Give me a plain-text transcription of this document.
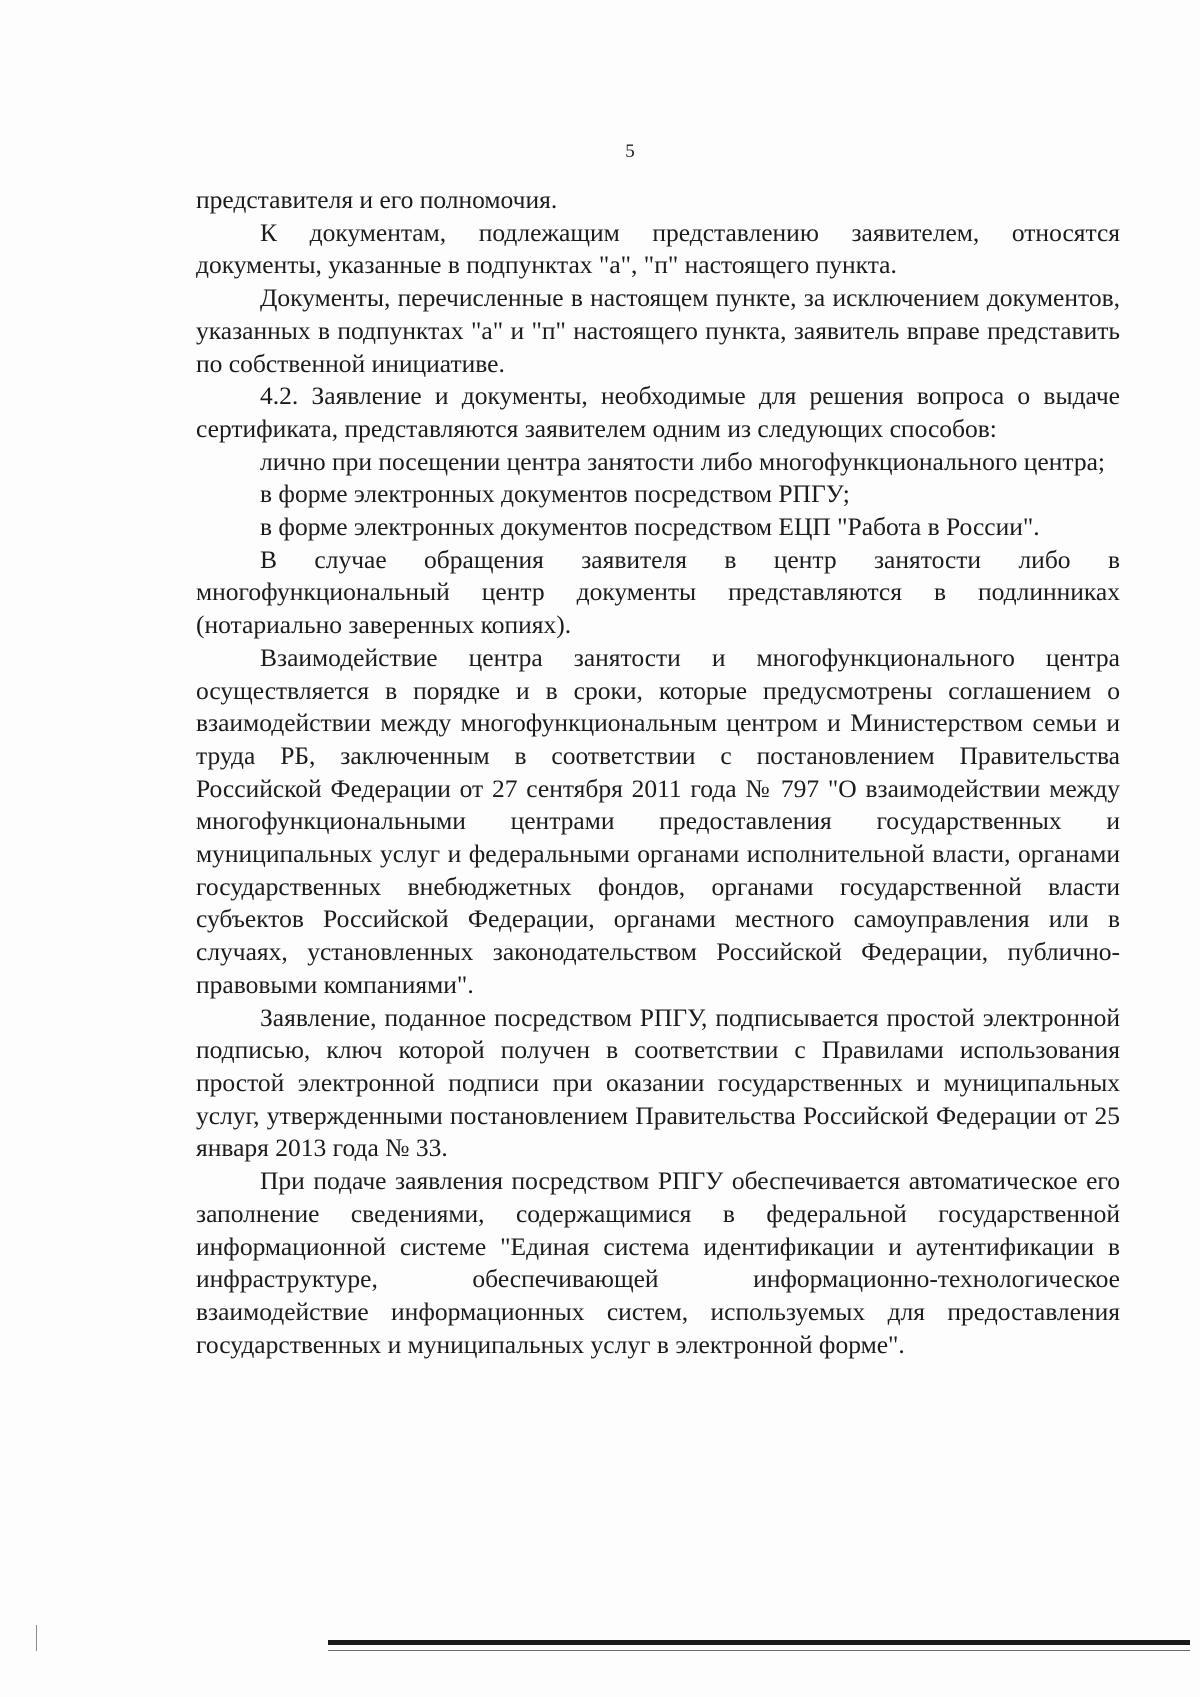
5

представителя и его полномочия.

К документам, подлежащим представлению заявителем, относятся документы, указанные в подпунктах "а", "п" настоящего пункта.

Документы, перечисленные в настоящем пункте, за исключением документов, указанных в подпунктах "а" и "п" настоящего пункта, заявитель вправе представить по собственной инициативе.

4.2. Заявление и документы, необходимые для решения вопроса о выдаче сертификата, представляются заявителем одним из следующих способов:

лично при посещении центра занятости либо многофункционального центра;

в форме электронных документов посредством РПГУ;

в форме электронных документов посредством ЕЦП "Работа в России".

В случае обращения заявителя в центр занятости либо в многофункциональный центр документы представляются в подлинниках (нотариально заверенных копиях).

Взаимодействие центра занятости и многофункционального центра осуществляется в порядке и в сроки, которые предусмотрены соглашением о взаимодействии между многофункциональным центром и Министерством семьи и труда РБ, заключенным в соответствии с постановлением Правительства Российской Федерации от 27 сентября 2011 года № 797 "О взаимодействии между многофункциональными центрами предоставления государственных и муниципальных услуг и федеральными органами исполнительной власти, органами государственных внебюджетных фондов, органами государственной власти субъектов Российской Федерации, органами местного самоуправления или в случаях, установленных законодательством Российской Федерации, публично-правовыми компаниями".

Заявление, поданное посредством РПГУ, подписывается простой электронной подписью, ключ которой получен в соответствии с Правилами использования простой электронной подписи при оказании государственных и муниципальных услуг, утвержденными постановлением Правительства Российской Федерации от 25 января 2013 года № 33.

При подаче заявления посредством РПГУ обеспечивается автоматическое его заполнение сведениями, содержащимися в федеральной государственной информационной системе "Единая система идентификации и аутентификации в инфраструктуре, обеспечивающей информационно-технологическое взаимодействие информационных систем, используемых для предоставления государственных и муниципальных услуг в электронной форме".
